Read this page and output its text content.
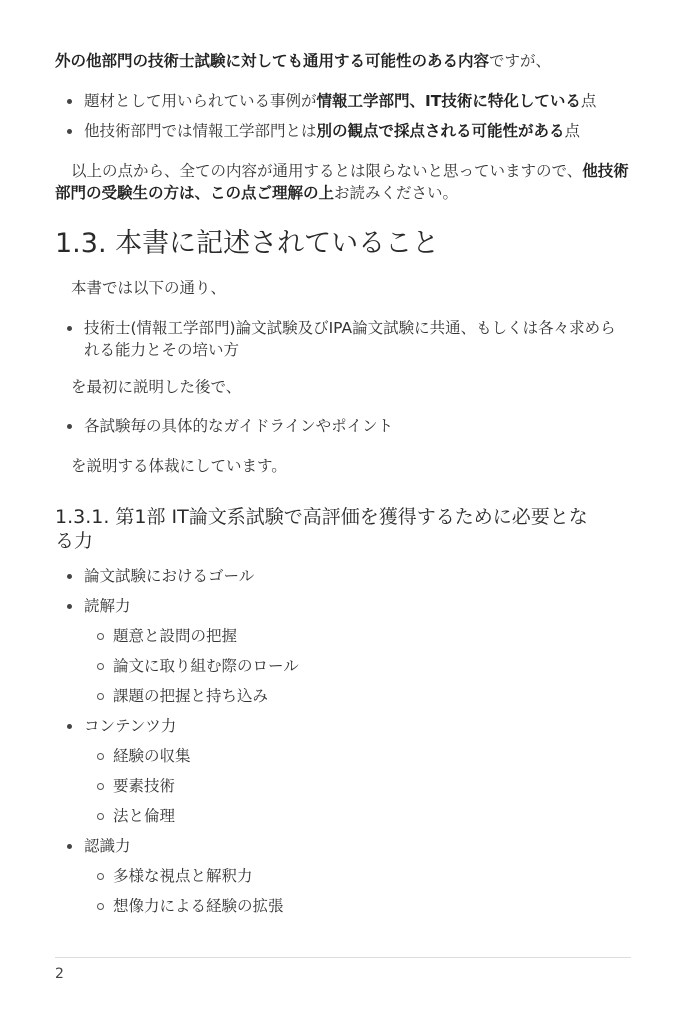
外の他部門の技術士試験に対しても通用する可能性のある内容ですが、
題材として用いられている事例が情報工学部門、IT技術に特化している点
他技術部門では情報工学部門とは別の観点で採点される可能性がある点
以上の点から、全ての内容が通用するとは限らないと思っていますので、他技術
部門の受験生の方は、この点ご理解の上お読みください。
1.3. 本書に記述されていること
本書では以下の通り、
技術士(情報工学部門)論文試験及びIPA論文試験に共通、もしくは各々求めら
れる能力とその培い方
を最初に説明した後で、
各試験毎の具体的なガイドラインやポイント
を説明する体裁にしています。
1.3.1. 第1部 IT論文系試験で高評価を獲得するために必要とな
る力
論文試験におけるゴール
読解力
題意と設問の把握
論文に取り組む際のロール
課題の把握と持ち込み
コンテンツ力
経験の収集
要素技術
法と倫理
認識力
多様な視点と解釈力
想像力による経験の拡張
2
